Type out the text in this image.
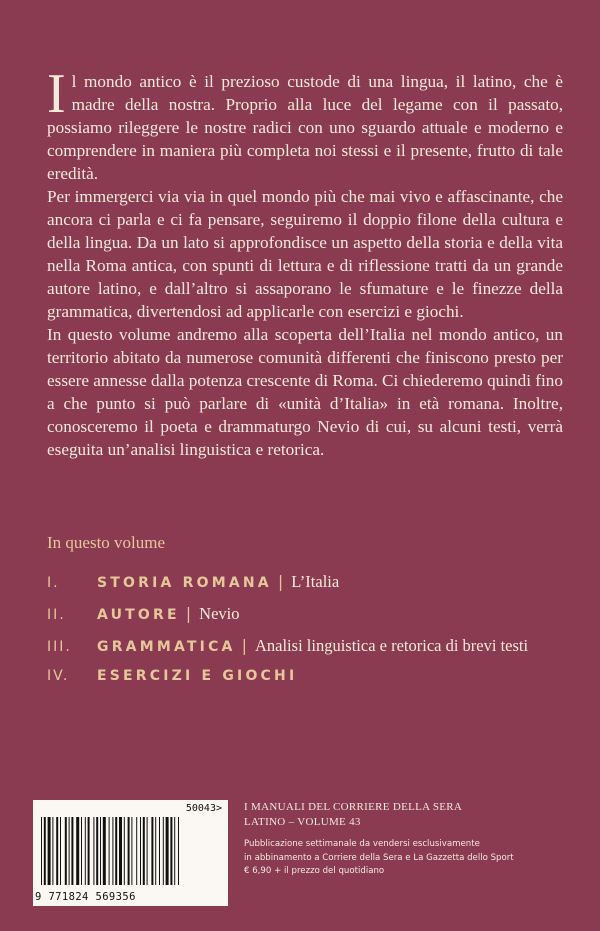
Il mondo antico è il prezioso custode di una lingua, il latino, che è madre della nostra. Proprio alla luce del legame con il passato, possiamo rileggere le nostre radici con uno sguardo attuale e moderno e comprendere in maniera più completa noi stessi e il presente, frutto di tale eredità.

Per immergerci via via in quel mondo più che mai vivo e affascinante, che ancora ci parla e ci fa pensare, seguiremo il doppio filone della cultura e della lingua. Da un lato si approfondisce un aspetto della storia e della vita nella Roma antica, con spunti di lettura e di riflessione tratti da un grande autore latino, e dall’altro si assaporano le sfumature e le finezze della grammatica, divertendosi ad applicarle con esercizi e giochi.

In questo volume andremo alla scoperta dell’Italia nel mondo antico, un territorio abitato da numerose comunità differenti che finiscono presto per essere annesse dalla potenza crescente di Roma. Ci chiederemo quindi fino a che punto si può parlare di «unità d’Italia» in età romana. Inoltre, conosceremo il poeta e drammaturgo Nevio di cui, su alcuni testi, verrà eseguita un’analisi linguistica e retorica.

In questo volume
I.	STORIA ROMANA | L’Italia
II.	AUTORE | Nevio
III.	GRAMMATICA | Analisi linguistica e retorica di brevi testi
IV.	ESERCIZI E GIOCHI
50043>
9 771824 569356
I MANUALI DEL CORRIERE DELLA SERA
LATINO – VOLUME 43
Pubblicazione settimanale da vendersi esclusivamente
in abbinamento a Corriere della Sera e La Gazzetta dello Sport
€ 6,90 + il prezzo del quotidiano
